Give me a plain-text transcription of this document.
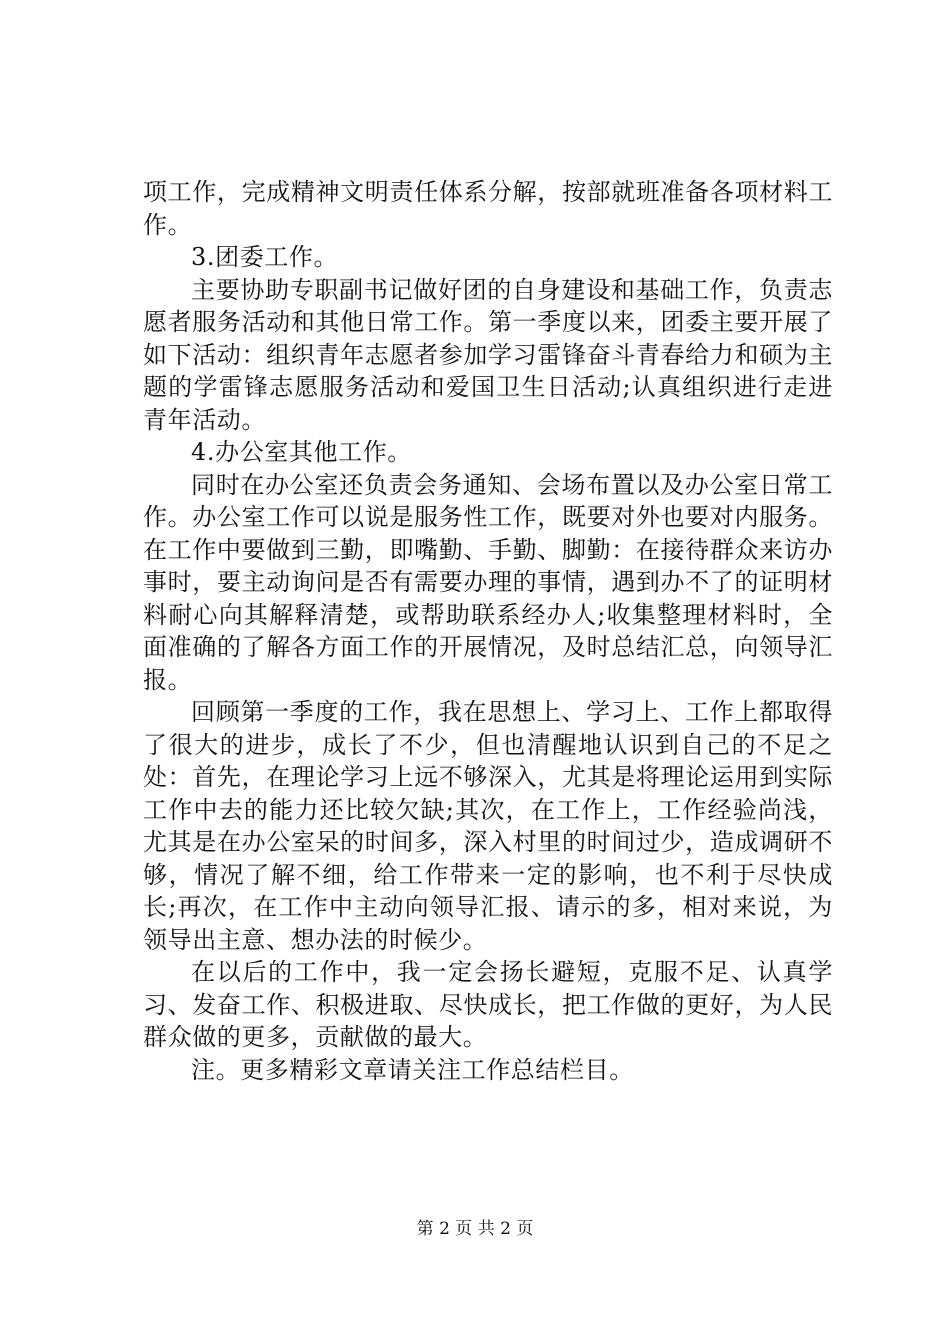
项工作，完成精神文明责任体系分解，按部就班准备各项材料工作。

3.团委工作。

主要协助专职副书记做好团的自身建设和基础工作，负责志愿者服务活动和其他日常工作。第一季度以来，团委主要开展了如下活动：组织青年志愿者参加学习雷锋奋斗青春给力和硕为主题的学雷锋志愿服务活动和爱国卫生日活动;认真组织进行走进青年活动。

4.办公室其他工作。

同时在办公室还负责会务通知、会场布置以及办公室日常工作。办公室工作可以说是服务性工作，既要对外也要对内服务。在工作中要做到三勤，即嘴勤、手勤、脚勤：在接待群众来访办事时，要主动询问是否有需要办理的事情，遇到办不了的证明材料耐心向其解释清楚，或帮助联系经办人;收集整理材料时，全面准确的了解各方面工作的开展情况，及时总结汇总，向领导汇报。

回顾第一季度的工作，我在思想上、学习上、工作上都取得了很大的进步，成长了不少，但也清醒地认识到自己的不足之处：首先，在理论学习上远不够深入，尤其是将理论运用到实际工作中去的能力还比较欠缺;其次，在工作上，工作经验尚浅，尤其是在办公室呆的时间多，深入村里的时间过少，造成调研不够，情况了解不细，给工作带来一定的影响，也不利于尽快成长;再次，在工作中主动向领导汇报、请示的多，相对来说，为领导出主意、想办法的时候少。

在以后的工作中，我一定会扬长避短，克服不足、认真学习、发奋工作、积极进取、尽快成长，把工作做的更好，为人民群众做的更多，贡献做的最大。

注。更多精彩文章请关注工作总结栏目。

第 2 页 共 2 页
